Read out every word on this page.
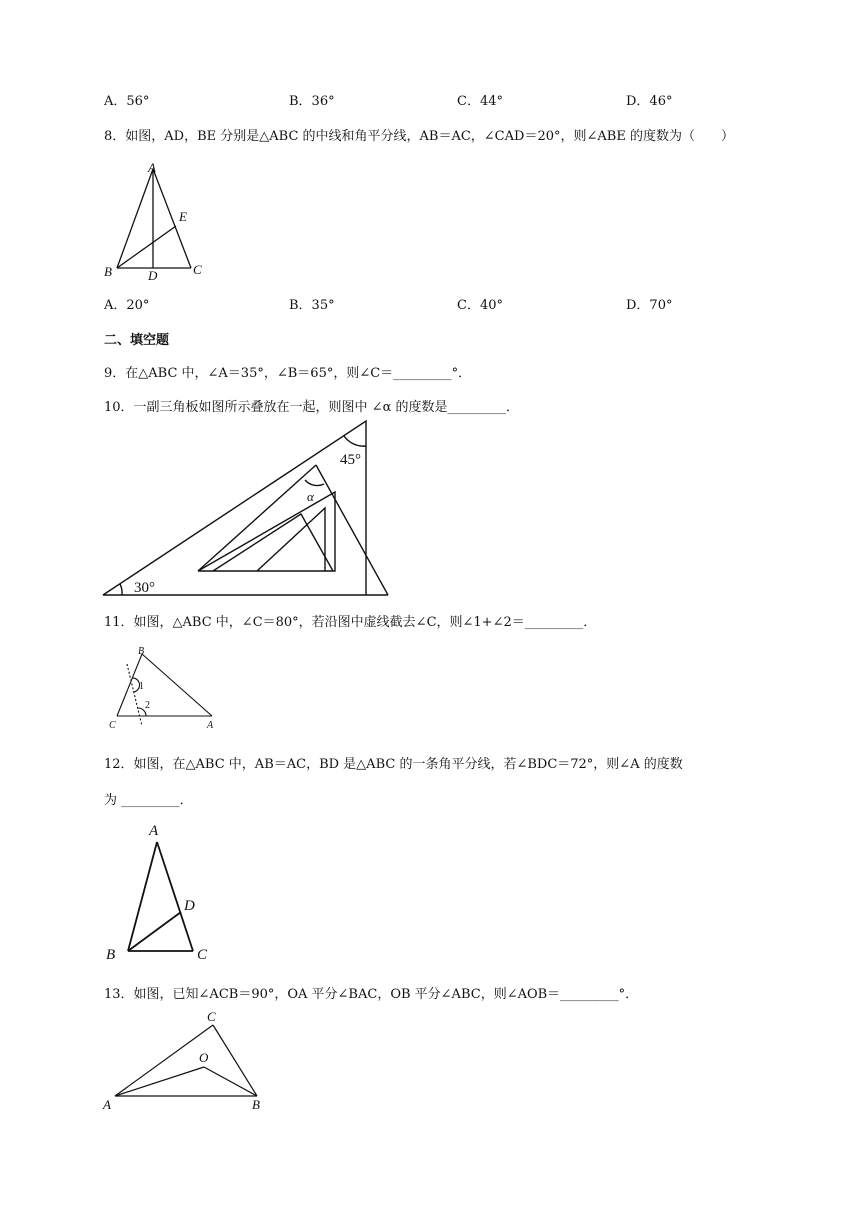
A．56°	B．36°	C．44°	D．46°
8．如图，AD，BE 分别是△ABC 的中线和角平分线，AB＝AC，∠CAD＝20°，则∠ABE 的度数为（　　）
A
E
B	D	C
A．20°	B．35°	C．40°	D．70°
二、填空题
9．在△ABC 中，∠A＝35°，∠B＝65°，则∠C＝_________°．
10．一副三角板如图所示叠放在一起，则图中 ∠α 的度数是_________．
30°
45°
α
11．如图，△ABC 中，∠C＝80°，若沿图中虚线截去∠C，则∠1+∠2＝_________．
B
1
2
C	A
12．如图，在△ABC 中，AB＝AC，BD 是△ABC 的一条角平分线，若∠BDC＝72°，则∠A 的度数
为 _________．
A
D
B	C
13．如图，已知∠ACB＝90°，OA 平分∠BAC，OB 平分∠ABC，则∠AOB＝_________°．
C
O
A	B
